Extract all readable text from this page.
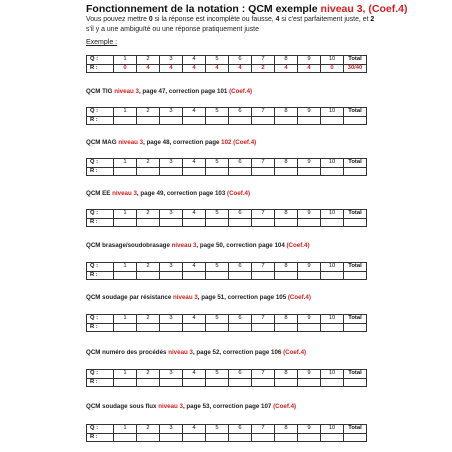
Fonctionnement de la notation : QCM exemple niveau 3, (Coef.4)
Vous pouvez mettre 0 si la réponse est incomplète ou fausse, 4 si c'est parfaitement juste, et 2 s'il y a une ambiguïté ou une réponse pratiquement juste
Exemple :
Q :	1	2	3	4	5	6	7	8	9	10	Total
R :	0	4	4	4	4	4	2	4	4	0	30/40
QCM TIG niveau 3, page 47, correction page 101 (Coef.4)
Q :	1	2	3	4	5	6	7	8	9	10	Total
R :											
QCM MAG niveau 3, page 48, correction page 102 (Coef.4)
Q :	1	2	3	4	5	6	7	8	9	10	Total
R :											
QCM EE niveau 3, page 49, correction page 103 (Coef.4)
Q :	1	2	3	4	5	6	7	8	9	10	Total
R :											
QCM brasage/soudobrasage niveau 3, page 50, correction page 104 (Coef.4)
Q :	1	2	3	4	5	6	7	8	9	10	Total
R :											
QCM soudage par résistance niveau 3, page 51, correction page 105 (Coef.4)
Q :	1	2	3	4	5	6	7	8	9	10	Total
R :											
QCM numéro des procédés niveau 3, page 52, correction page 106 (Coef.4)
Q :	1	2	3	4	5	6	7	8	9	10	Total
R :											
QCM soudage sous flux niveau 3, page 53, correction page 107 (Coef.4)
Q :	1	2	3	4	5	6	7	8	9	10	Total
R :											
